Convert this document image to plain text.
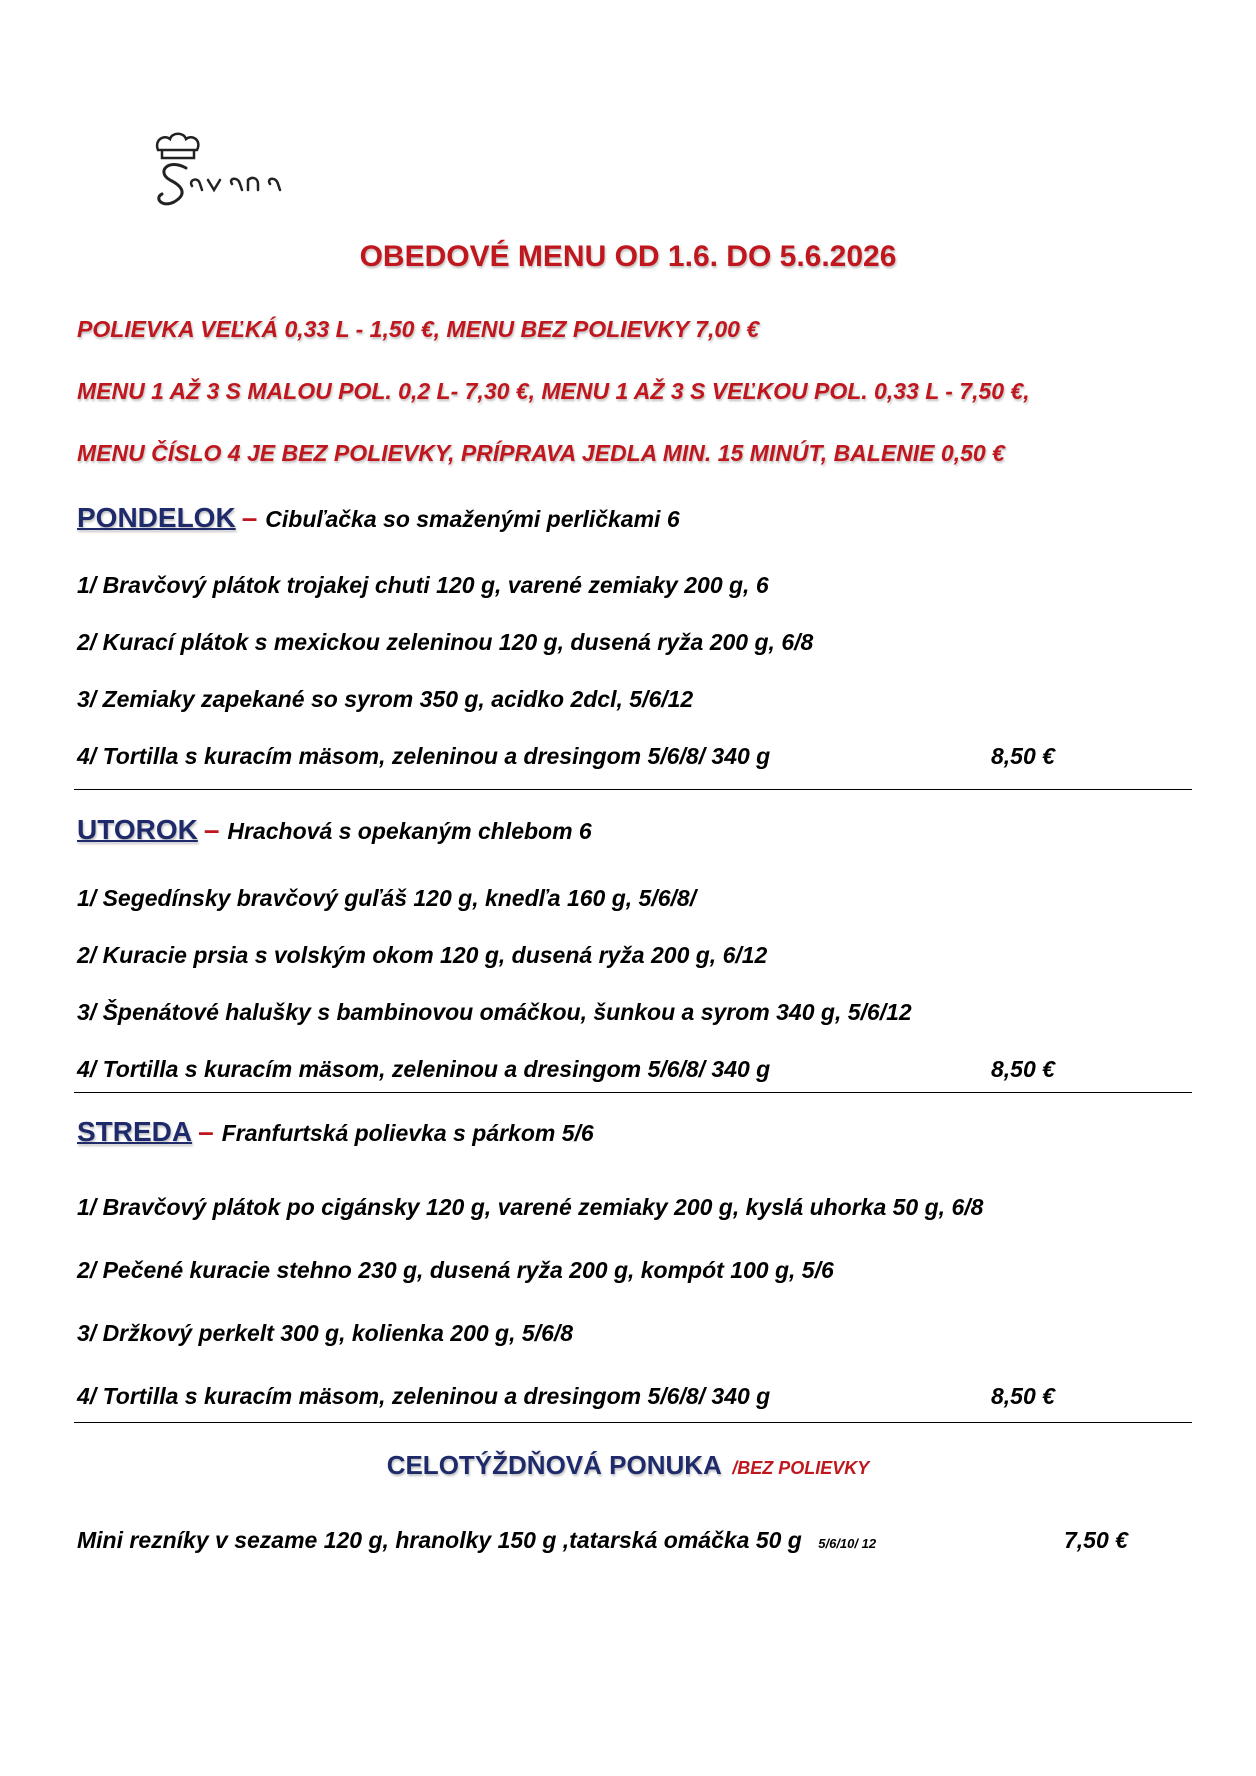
OBEDOVÉ MENU OD 1.6. DO 5.6.2026
POLIEVKA VEĽKÁ 0,33 L - 1,50 €, MENU BEZ POLIEVKY 7,00 €
MENU 1 AŽ 3 S MALOU POL. 0,2 L- 7,30 €, MENU 1 AŽ 3 S VEĽKOU POL. 0,33 L - 7,50 €,
MENU ČÍSLO 4 JE BEZ POLIEVKY, PRÍPRAVA JEDLA MIN. 15 MINÚT, BALENIE 0,50 €
PONDELOK – Cibuľačka so smaženými perličkami 6
1/ Bravčový plátok trojakej chuti 120 g, varené zemiaky 200 g, 6
2/ Kurací plátok s mexickou zeleninou 120 g, dusená ryža 200 g, 6/8
3/ Zemiaky zapekané so syrom 350 g, acidko 2dcl, 5/6/12
4/ Tortilla s kuracím mäsom, zeleninou a dresingom 5/6/8/ 340 g	8,50 €
UTOROK – Hrachová s opekaným chlebom 6
1/ Segedínsky bravčový guľáš 120 g, knedľa 160 g, 5/6/8/
2/ Kuracie prsia s volským okom 120 g, dusená ryža 200 g, 6/12
3/ Špenátové halušky s bambinovou omáčkou, šunkou a syrom 340 g, 5/6/12
4/ Tortilla s kuracím mäsom, zeleninou a dresingom 5/6/8/ 340 g	8,50 €
STREDA – Franfurtská polievka s párkom 5/6
1/ Bravčový plátok po cigánsky 120 g, varené zemiaky 200 g, kyslá uhorka 50 g, 6/8
2/ Pečené kuracie stehno 230 g, dusená ryža 200 g, kompót 100 g, 5/6
3/ Držkový perkelt 300 g, kolienka 200 g, 5/6/8
4/ Tortilla s kuracím mäsom, zeleninou a dresingom 5/6/8/ 340 g	8,50 €
CELOTÝŽDŇOVÁ PONUKA /BEZ POLIEVKY
Mini rezníky v sezame 120 g, hranolky 150 g ,tatarská omáčka 50 g 5/6/10/ 12	7,50 €
